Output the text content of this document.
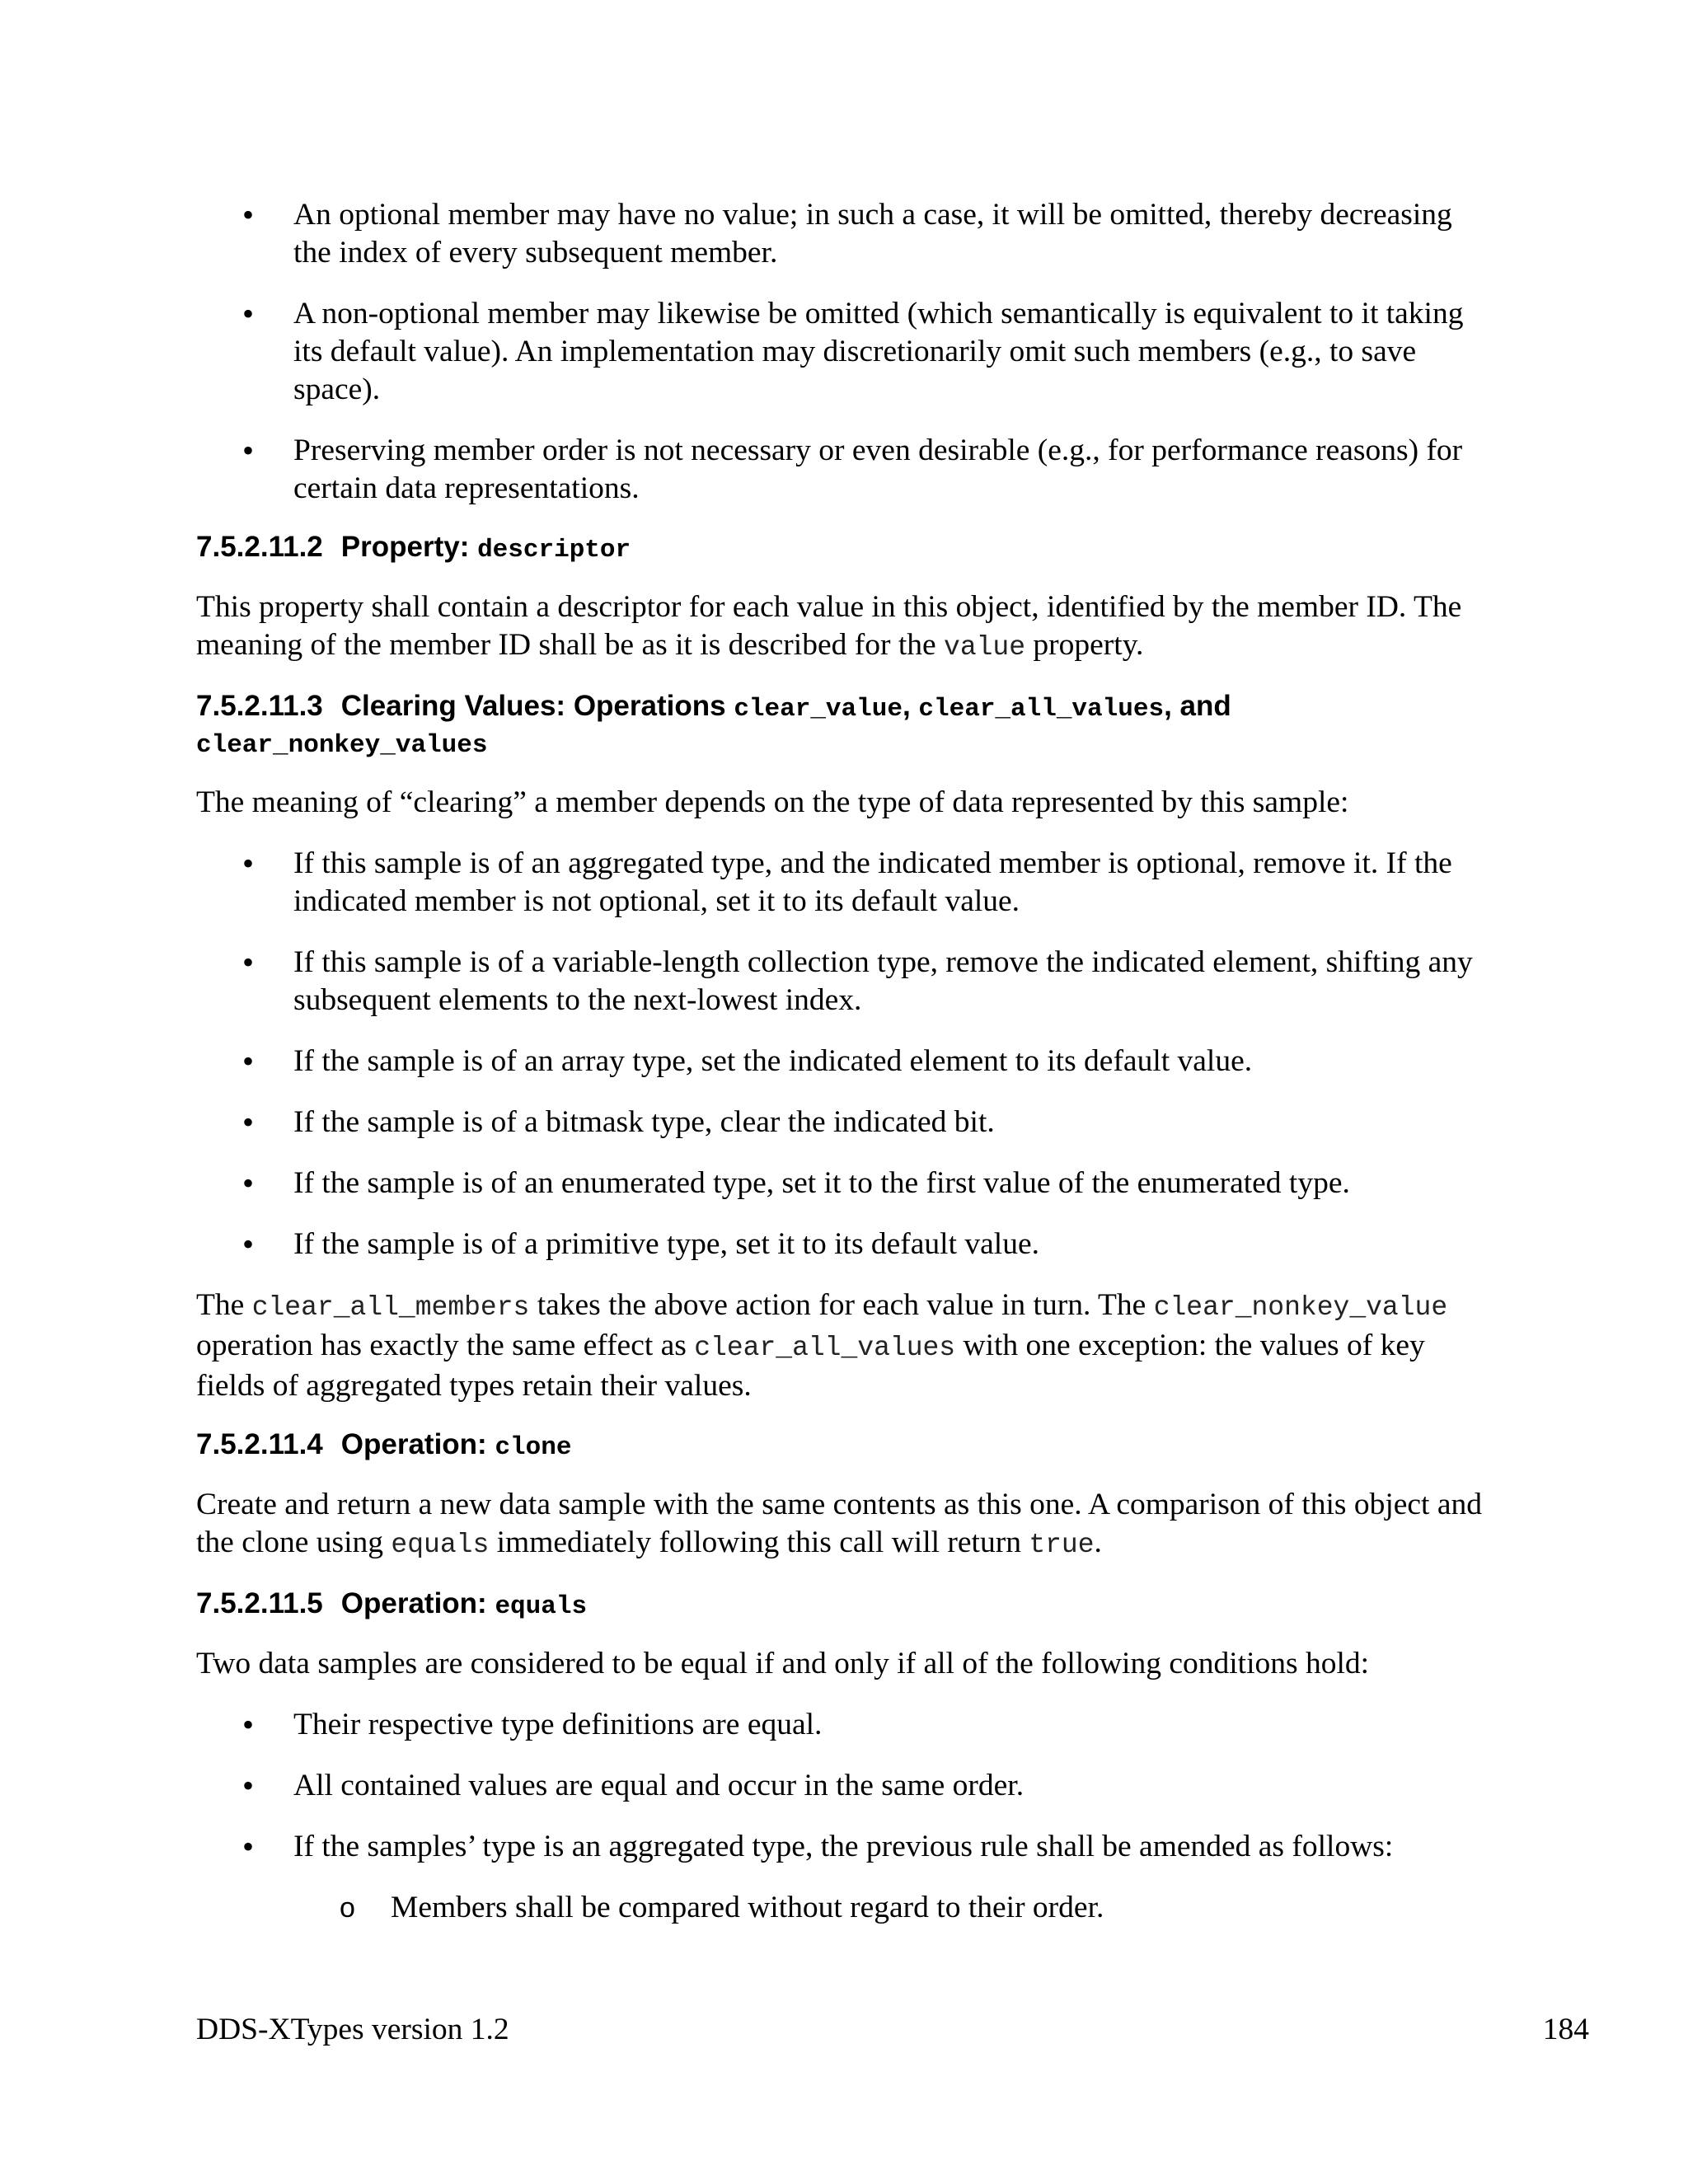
• An optional member may have no value; in such a case, it will be omitted, thereby decreasing the index of every subsequent member.
• A non-optional member may likewise be omitted (which semantically is equivalent to it taking its default value). An implementation may discretionarily omit such members (e.g., to save space).
• Preserving member order is not necessary or even desirable (e.g., for performance reasons) for certain data representations.
7.5.2.11.2 Property: descriptor

This property shall contain a descriptor for each value in this object, identified by the member ID. The meaning of the member ID shall be as it is described for the value property.

7.5.2.11.3 Clearing Values: Operations clear_value, clear_all_values, and
clear_nonkey_values

The meaning of “clearing” a member depends on the type of data represented by this sample:

• If this sample is of an aggregated type, and the indicated member is optional, remove it. If the indicated member is not optional, set it to its default value.
• If this sample is of a variable-length collection type, remove the indicated element, shifting any subsequent elements to the next-lowest index.
• If the sample is of an array type, set the indicated element to its default value.
• If the sample is of a bitmask type, clear the indicated bit.
• If the sample is of an enumerated type, set it to the first value of the enumerated type.
• If the sample is of a primitive type, set it to its default value.

The clear_all_members takes the above action for each value in turn. The clear_nonkey_value operation has exactly the same effect as clear_all_values with one exception: the values of key fields of aggregated types retain their values.

7.5.2.11.4 Operation: clone

Create and return a new data sample with the same contents as this one. A comparison of this object and the clone using equals immediately following this call will return true.

7.5.2.11.5 Operation: equals

Two data samples are considered to be equal if and only if all of the following conditions hold:

• Their respective type definitions are equal.
• All contained values are equal and occur in the same order.
• If the samples’ type is an aggregated type, the previous rule shall be amended as follows:
o Members shall be compared without regard to their order.
DDS-XTypes version 1.2	184
